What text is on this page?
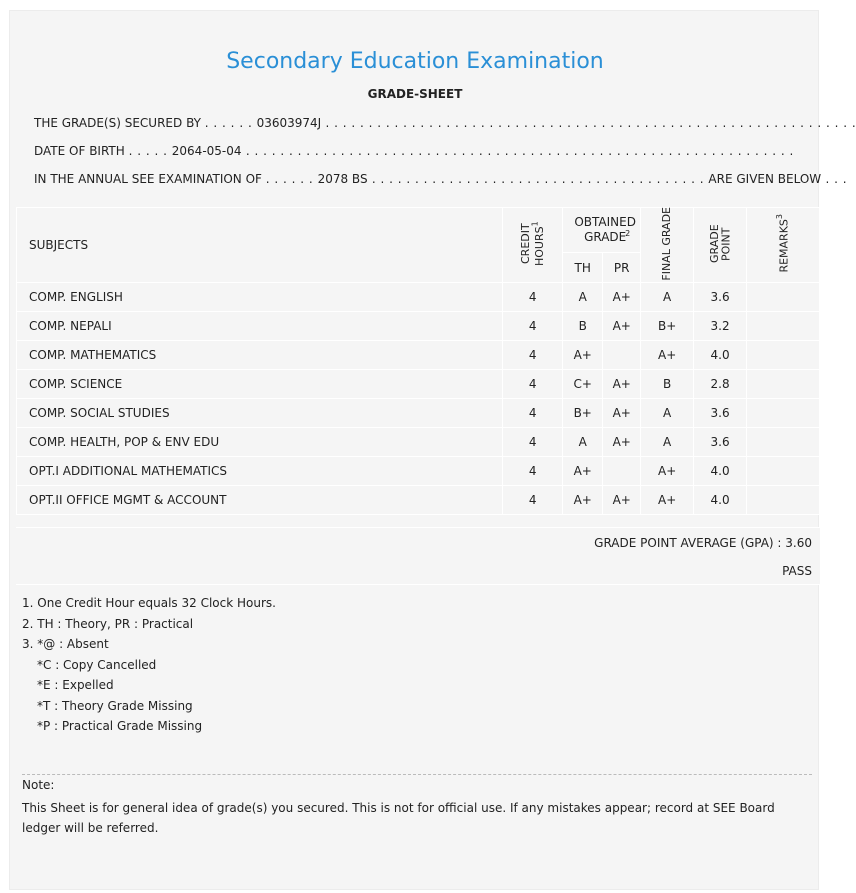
Secondary Education Examination
GRADE-SHEET
THE GRADE(S) SECURED BY . . . . . . 03603974J . . . . . . . . . . . . . . . . . . . . . . . . . . . . . . . . . . . . . . . . . . . . . . . . . . . . . . . . . . . . . .
DATE OF BIRTH . . . . . 2064-05-04 . . . . . . . . . . . . . . . . . . . . . . . . . . . . . . . . . . . . . . . . . . . . . . . . . . . . . . . . . . . . . . . .
IN THE ANNUAL SEE EXAMINATION OF . . . . . . 2078 BS . . . . . . . . . . . . . . . . . . . . . . . . . . . . . . . . . . . . . . . ARE GIVEN BELOW . . .
SUBJECTS	CREDIT HOURS$^1$	OBTAINED GRADE$^2$		FINAL GRADE	GRADE POINT	REMARKS$^3$
		TH	PR			
COMP. ENGLISH	4	A	A+	A	3.6	
COMP. NEPALI	4	B	A+	B+	3.2	
COMP. MATHEMATICS	4	A+		A+	4.0	
COMP. SCIENCE	4	C+	A+	B	2.8	
COMP. SOCIAL STUDIES	4	B+	A+	A	3.6	
COMP. HEALTH, POP & ENV EDU	4	A	A+	A	3.6	
OPT.I ADDITIONAL MATHEMATICS	4	A+		A+	4.0	
OPT.II OFFICE MGMT & ACCOUNT	4	A+	A+	A+	4.0	
GRADE POINT AVERAGE (GPA) : 3.60
PASS
1. One Credit Hour equals 32 Clock Hours.
2. TH : Theory, PR : Practical
3. *@ : Absent
*C : Copy Cancelled
*E : Expelled
*T : Theory Grade Missing
*P : Practical Grade Missing
Note:
This Sheet is for general idea of grade(s) you secured. This is not for official use. If any mistakes appear; record at SEE Board ledger will be referred.
